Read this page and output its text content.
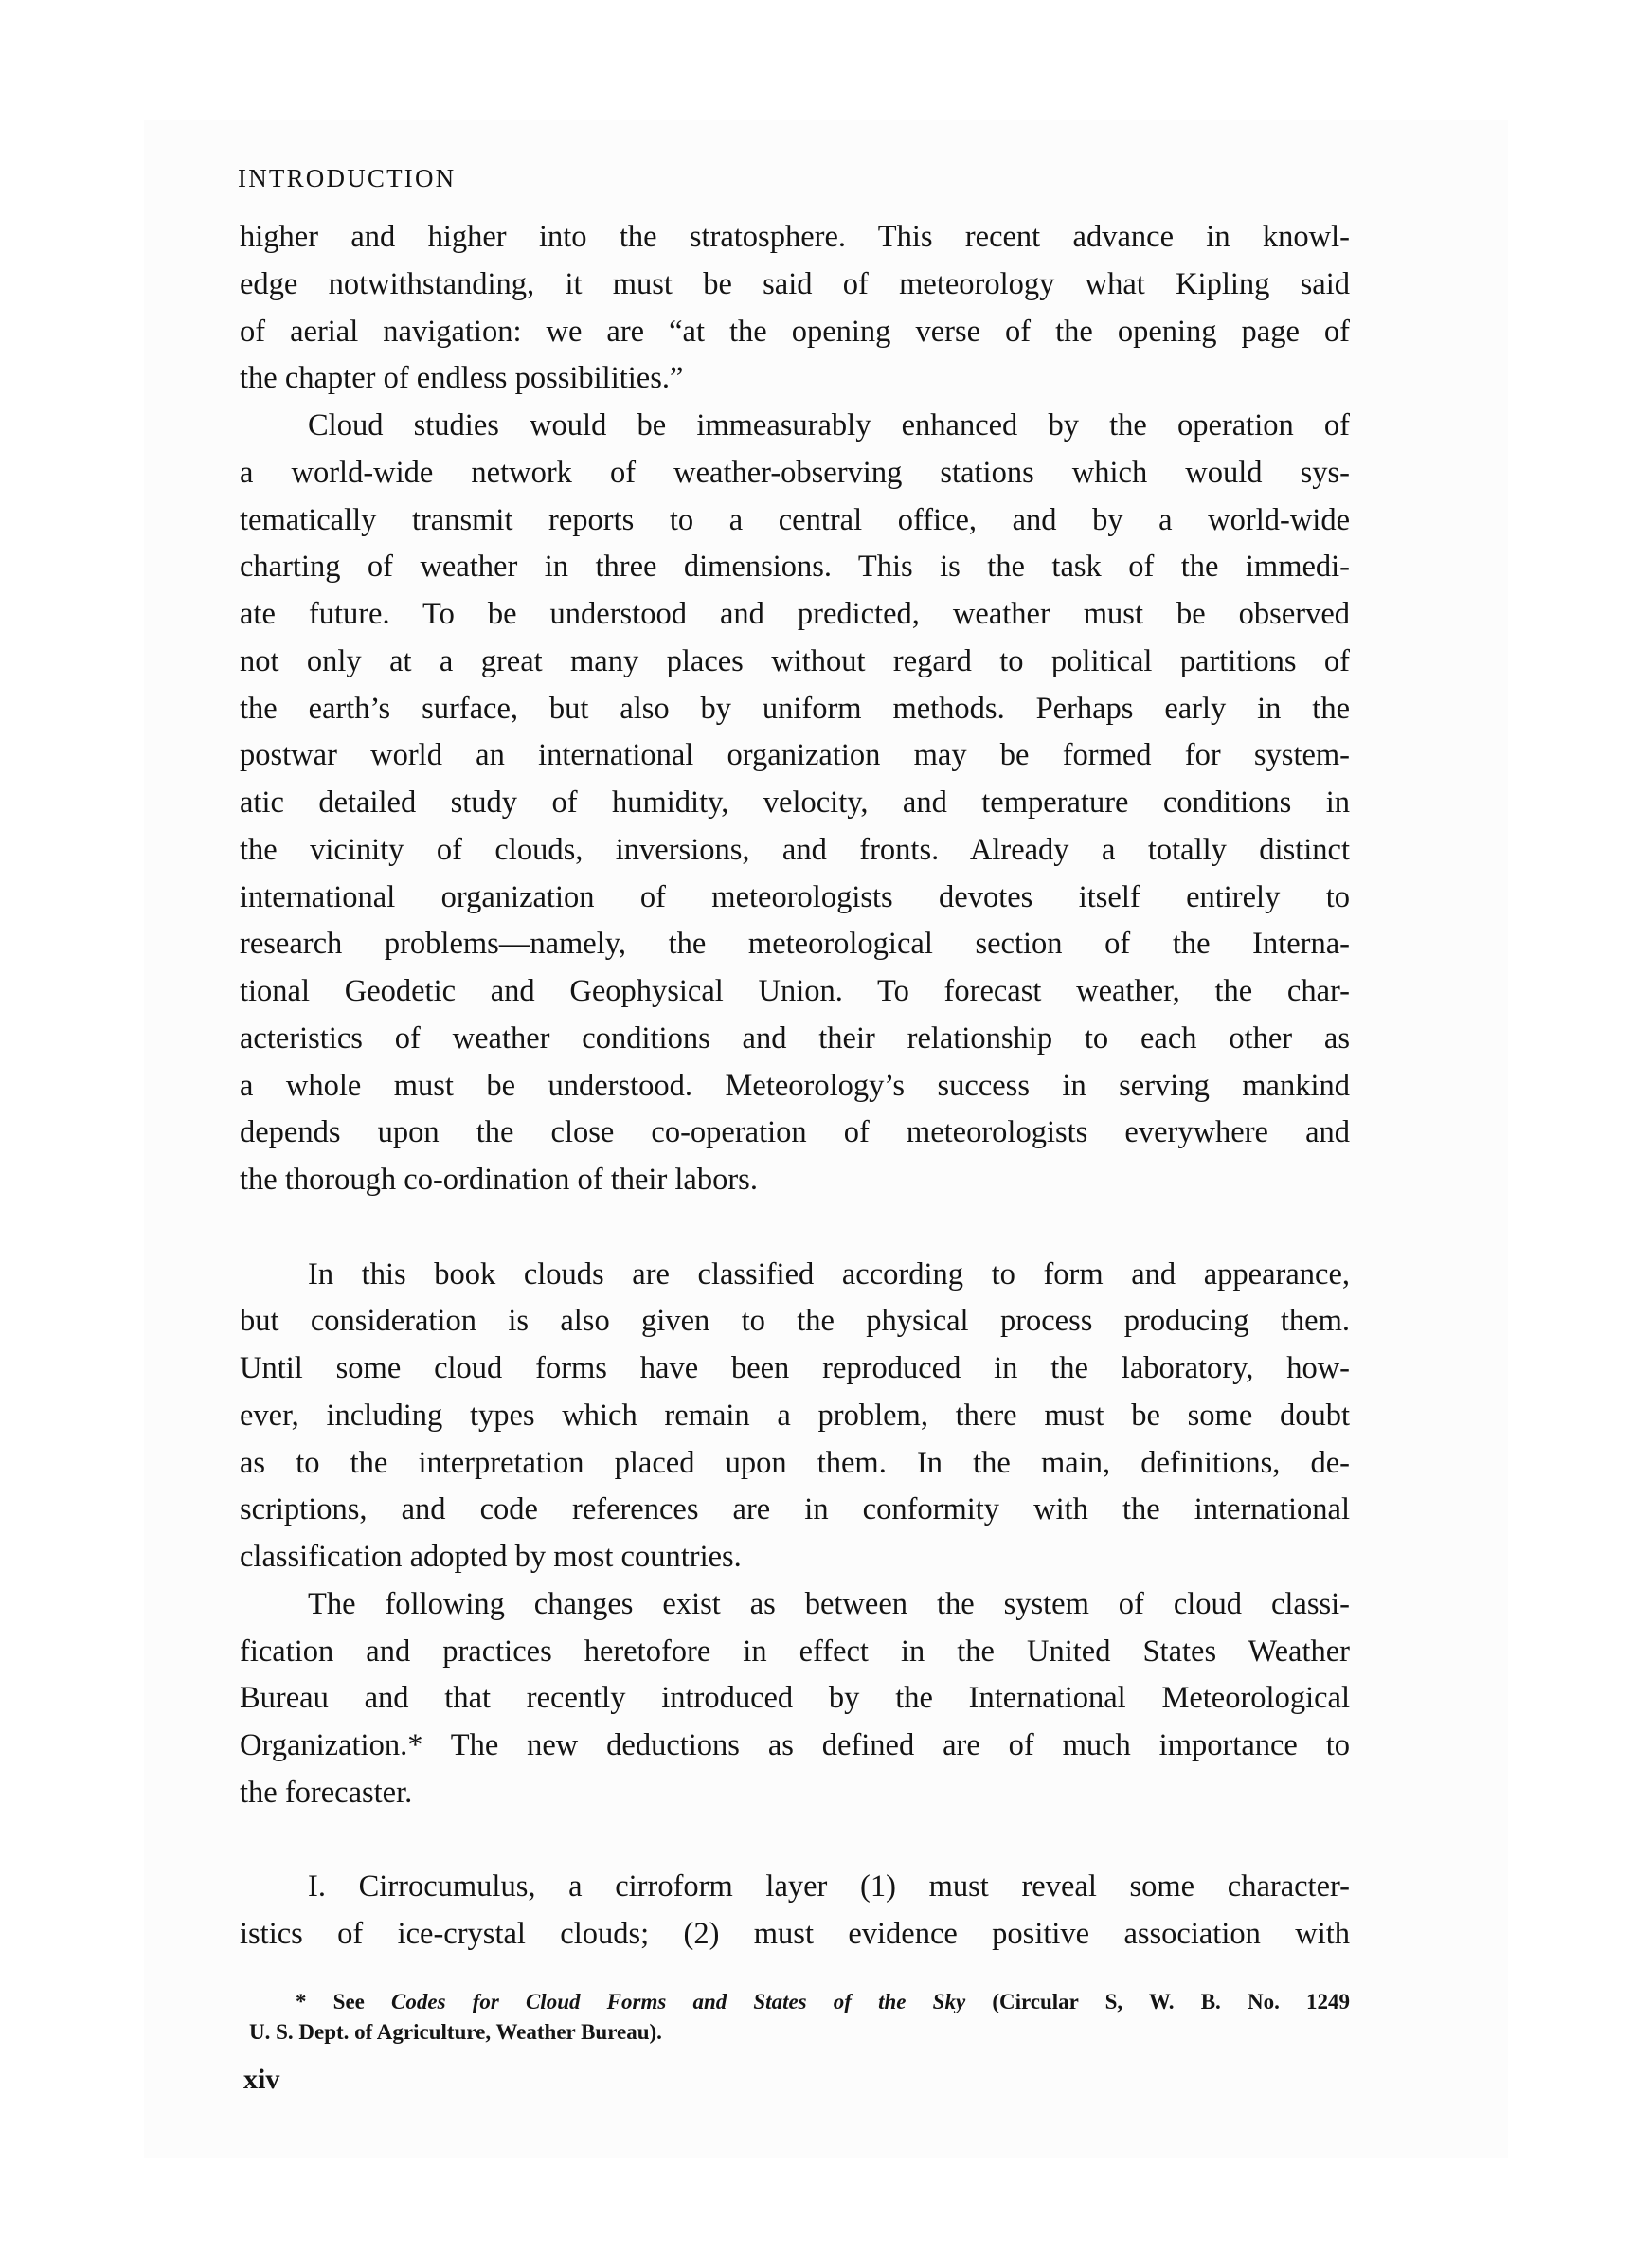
INTRODUCTION
higher and higher into the stratosphere. This recent advance in knowl-
edge notwithstanding, it must be said of meteorology what Kipling said
of aerial navigation: we are “at the opening verse of the opening page of
the chapter of endless possibilities.”
Cloud studies would be immeasurably enhanced by the operation of
a world-wide network of weather-observing stations which would sys-
tematically transmit reports to a central office, and by a world-wide
charting of weather in three dimensions. This is the task of the immedi-
ate future. To be understood and predicted, weather must be observed
not only at a great many places without regard to political partitions of
the earth’s surface, but also by uniform methods. Perhaps early in the
postwar world an international organization may be formed for system-
atic detailed study of humidity, velocity, and temperature conditions in
the vicinity of clouds, inversions, and fronts. Already a totally distinct
international organization of meteorologists devotes itself entirely to
research problems—namely, the meteorological section of the Interna-
tional Geodetic and Geophysical Union. To forecast weather, the char-
acteristics of weather conditions and their relationship to each other as
a whole must be understood. Meteorology’s success in serving mankind
depends upon the close co-operation of meteorologists everywhere and
the thorough co-ordination of their labors.
In this book clouds are classified according to form and appearance,
but consideration is also given to the physical process producing them.
Until some cloud forms have been reproduced in the laboratory, how-
ever, including types which remain a problem, there must be some doubt
as to the interpretation placed upon them. In the main, definitions, de-
scriptions, and code references are in conformity with the international
classification adopted by most countries.
The following changes exist as between the system of cloud classi-
fication and practices heretofore in effect in the United States Weather
Bureau and that recently introduced by the International Meteorological
Organization.* The new deductions as defined are of much importance to
the forecaster.
I. Cirrocumulus, a cirroform layer (1) must reveal some character-
istics of ice-crystal clouds; (2) must evidence positive association with
* See Codes for Cloud Forms and States of the Sky (Circular S, W. B. No. 1249
U. S. Dept. of Agriculture, Weather Bureau).
xiv
